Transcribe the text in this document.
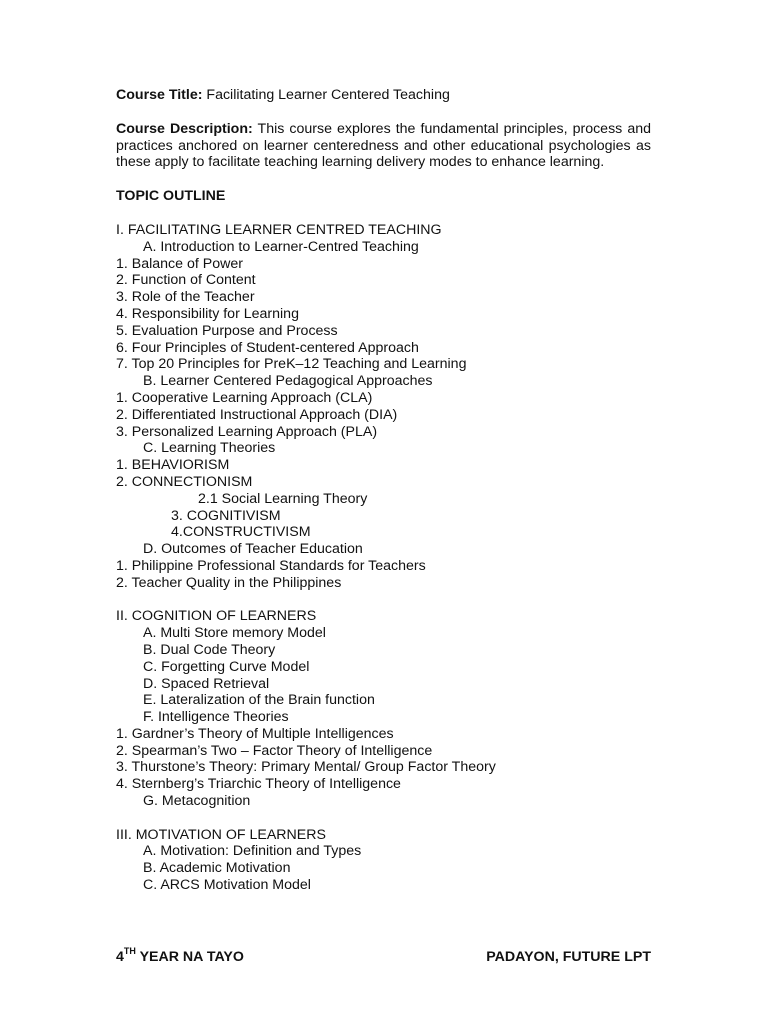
Course Title: Facilitating Learner Centered Teaching

Course Description: This course explores the fundamental principles, process and practices anchored on learner centeredness and other educational psychologies as these apply to facilitate teaching learning delivery modes to enhance learning.

TOPIC OUTLINE
I. FACILITATING LEARNER CENTRED TEACHING
A. Introduction to Learner-Centred Teaching
1. Balance of Power
2. Function of Content
3. Role of the Teacher
4. Responsibility for Learning
5. Evaluation Purpose and Process
6. Four Principles of Student-centered Approach
7. Top 20 Principles for PreK–12 Teaching and Learning
B. Learner Centered Pedagogical Approaches
1. Cooperative Learning Approach (CLA)
2. Differentiated Instructional Approach (DIA)
3. Personalized Learning Approach (PLA)
C. Learning Theories
1. BEHAVIORISM
2. CONNECTIONISM
2.1 Social Learning Theory
3. COGNITIVISM
4.CONSTRUCTIVISM
D. Outcomes of Teacher Education
1. Philippine Professional Standards for Teachers
2. Teacher Quality in the Philippines
II. COGNITION OF LEARNERS
A. Multi Store memory Model
B. Dual Code Theory
C. Forgetting Curve Model
D. Spaced Retrieval
E. Lateralization of the Brain function
F. Intelligence Theories
1. Gardner’s Theory of Multiple Intelligences
2. Spearman’s Two – Factor Theory of Intelligence
3. Thurstone’s Theory: Primary Mental/ Group Factor Theory
4. Sternberg’s Triarchic Theory of Intelligence
G. Metacognition
III. MOTIVATION OF LEARNERS
A. Motivation: Definition and Types
B. Academic Motivation
C. ARCS Motivation Model
4TH YEAR NA TAYO	PADAYON, FUTURE LPT
